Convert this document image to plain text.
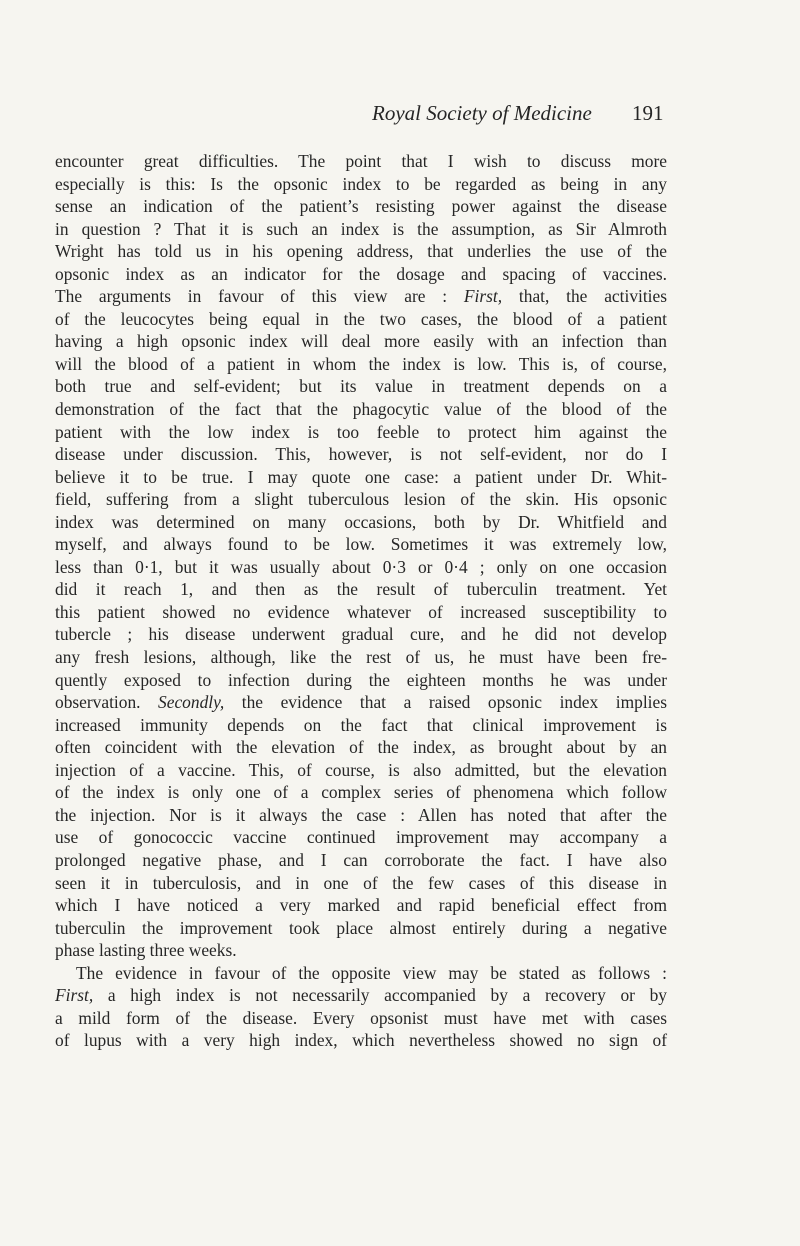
Royal Society of Medicine 191
encounter great difficulties. The point that I wish to discuss more
especially is this: Is the opsonic index to be regarded as being in any
sense an indication of the patient’s resisting power against the disease
in question ? That it is such an index is the assumption, as Sir Almroth
Wright has told us in his opening address, that underlies the use of the
opsonic index as an indicator for the dosage and spacing of vaccines.
The arguments in favour of this view are : First, that, the activities
of the leucocytes being equal in the two cases, the blood of a patient
having a high opsonic index will deal more easily with an infection than
will the blood of a patient in whom the index is low. This is, of course,
both true and self-evident; but its value in treatment depends on a
demonstration of the fact that the phagocytic value of the blood of the
patient with the low index is too feeble to protect him against the
disease under discussion. This, however, is not self-evident, nor do I
believe it to be true. I may quote one case: a patient under Dr. Whit-
field, suffering from a slight tuberculous lesion of the skin. His opsonic
index was determined on many occasions, both by Dr. Whitfield and
myself, and always found to be low. Sometimes it was extremely low,
less than 0·1, but it was usually about 0·3 or 0·4 ; only on one occasion
did it reach 1, and then as the result of tuberculin treatment. Yet
this patient showed no evidence whatever of increased susceptibility to
tubercle ; his disease underwent gradual cure, and he did not develop
any fresh lesions, although, like the rest of us, he must have been fre-
quently exposed to infection during the eighteen months he was under
observation. Secondly, the evidence that a raised opsonic index implies
increased immunity depends on the fact that clinical improvement is
often coincident with the elevation of the index, as brought about by an
injection of a vaccine. This, of course, is also admitted, but the elevation
of the index is only one of a complex series of phenomena which follow
the injection. Nor is it always the case : Allen has noted that after the
use of gonococcic vaccine continued improvement may accompany a
prolonged negative phase, and I can corroborate the fact. I have also
seen it in tuberculosis, and in one of the few cases of this disease in
which I have noticed a very marked and rapid beneficial effect from
tuberculin the improvement took place almost entirely during a negative
phase lasting three weeks.
The evidence in favour of the opposite view may be stated as follows :
First, a high index is not necessarily accompanied by a recovery or by
a mild form of the disease. Every opsonist must have met with cases
of lupus with a very high index, which nevertheless showed no sign of
